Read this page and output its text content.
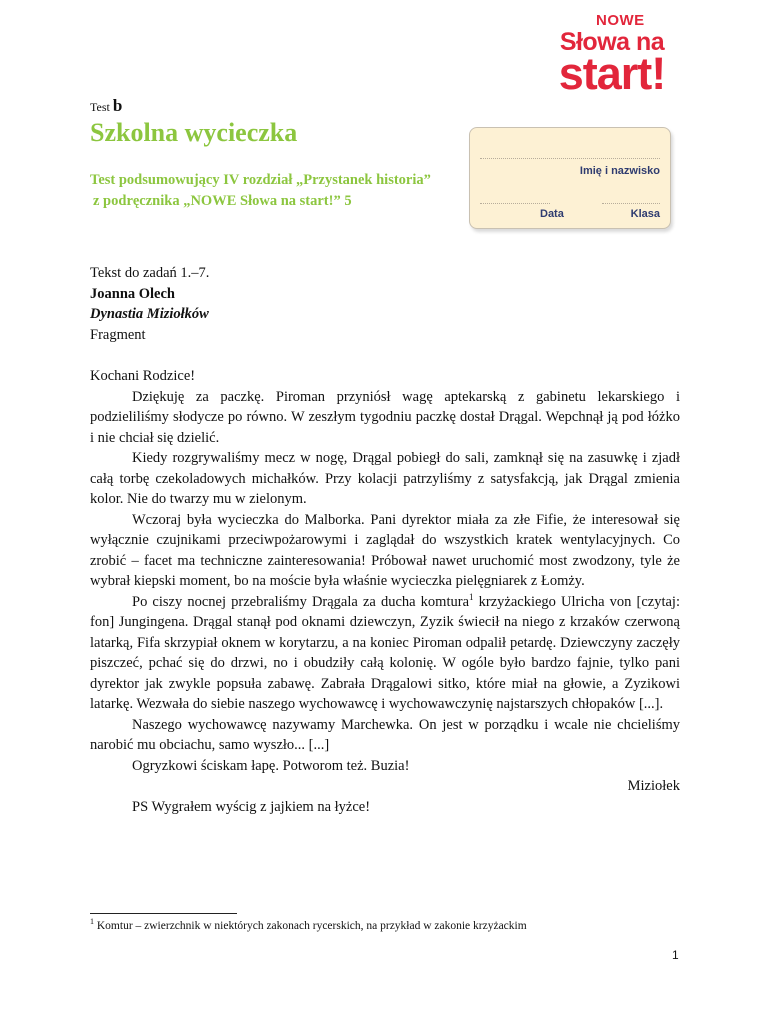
NOWE
Słowa na
start!
Test b
Szkolna wycieczka
Test podsumowujący IV rozdział „Przystanek historia”
z podręcznika „NOWE Słowa na start!” 5
Imię i nazwisko
Data	Klasa
Tekst do zadań 1.–7.
Joanna Olech
Dynastia Miziołków
Fragment

Kochani Rodzice!

Dziękuję za paczkę. Piroman przyniósł wagę aptekarską z gabinetu lekarskiego i podzieliliśmy słodycze po równo. W zeszłym tygodniu paczkę dostał Drągal. Wepchnął ją pod łóżko i nie chciał się dzielić.

Kiedy rozgrywaliśmy mecz w nogę, Drągal pobiegł do sali, zamknął się na zasuwkę i zjadł całą torbę czekoladowych michałków. Przy kolacji patrzyliśmy z satysfakcją, jak Drągal zmienia kolor. Nie do twarzy mu w zielonym.

Wczoraj była wycieczka do Malborka. Pani dyrektor miała za złe Fifie, że interesował się wyłącznie czujnikami przeciwpożarowymi i zaglądał do wszystkich kratek wentylacyjnych. Co zrobić – facet ma techniczne zainteresowania! Próbował nawet uruchomić most zwodzony, tyle że wybrał kiepski moment, bo na moście była właśnie wycieczka pielęgniarek z Łomży.

Po ciszy nocnej przebraliśmy Drągala za ducha komtura$^1$ krzyżackiego Ulricha von [czytaj: fon] Jungingena. Drągal stanął pod oknami dziewczyn, Zyzik świecił na niego z krzaków czerwoną latarką, Fifa skrzypiał oknem w korytarzu, a na koniec Piroman odpalił petardę. Dziewczyny zaczęły piszczeć, pchać się do drzwi, no i obudziły całą kolonię. W ogóle było bardzo fajnie, tylko pani dyrektor jak zwykle popsuła zabawę. Zabrała Drągalowi sitko, które miał na głowie, a Zyzikowi latarkę. Wezwała do siebie naszego wychowawcę i wychowawczynię najstarszych chłopaków [...].

Naszego wychowawcę nazywamy Marchewka. On jest w porządku i wcale nie chcieliśmy narobić mu obciachu, samo wyszło... [...]

Ogryzkowi ściskam łapę. Potworom też. Buzia!

Miziołek

PS Wygrałem wyścig z jajkiem na łyżce!

$^1$ Komtur – zwierzchnik w niektórych zakonach rycerskich, na przykład w zakonie krzyżackim
1
